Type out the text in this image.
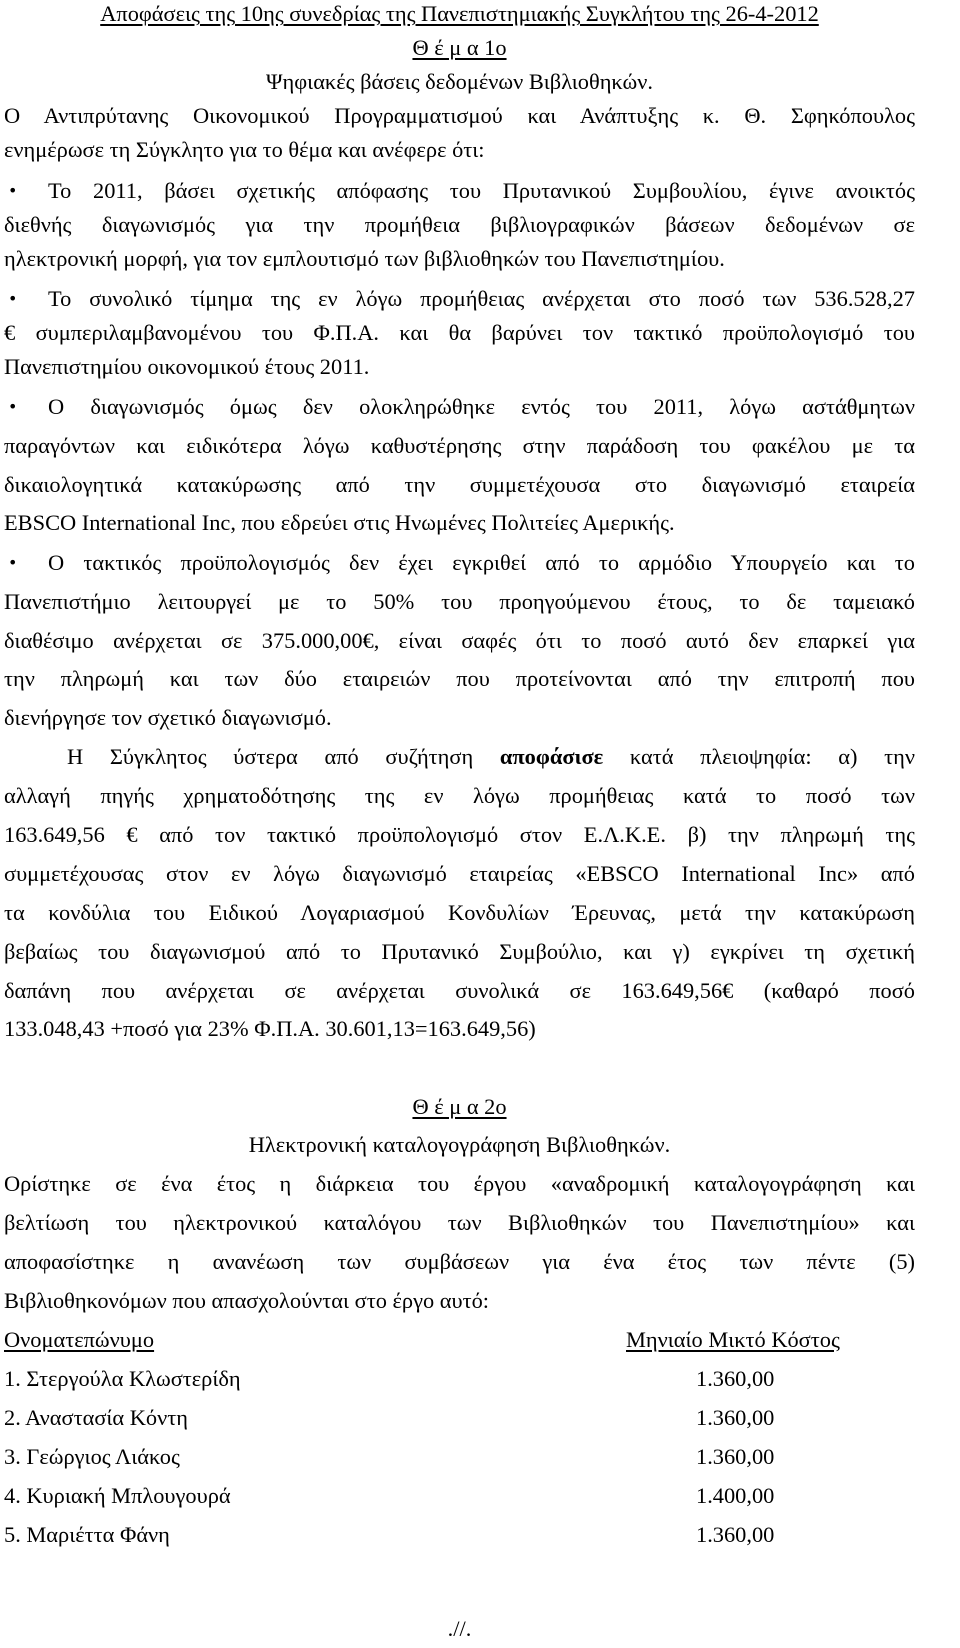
Αποφάσεις της 10ης συνεδρίας της Πανεπιστημιακής Συγκλήτου της 26-4-2012
Θ έ μ α 1ο
Ψηφιακές βάσεις δεδομένων Βιβλιοθηκών.
Ο Αντιπρύτανης Οικονομικού Προγραμματισμού και Ανάπτυξης κ. Θ. Σφηκόπουλος
ενημέρωσε τη Σύγκλητο για το θέμα και ανέφερε ότι:
• Το 2011, βάσει σχετικής απόφασης του Πρυτανικού Συμβουλίου, έγινε ανοικτός
διεθνής διαγωνισμός για την προμήθεια βιβλιογραφικών βάσεων δεδομένων σε
ηλεκτρονική μορφή, για τον εμπλουτισμό των βιβλιοθηκών του Πανεπιστημίου.
• Το συνολικό τίμημα της εν λόγω προμήθειας ανέρχεται στο ποσό των 536.528,27
€ συμπεριλαμβανομένου του Φ.Π.Α. και θα βαρύνει τον τακτικό προϋπολογισμό του
Πανεπιστημίου οικονομικού έτους 2011.
• Ο διαγωνισμός όμως δεν ολοκληρώθηκε εντός του 2011, λόγω αστάθμητων
παραγόντων και ειδικότερα λόγω καθυστέρησης στην παράδοση του φακέλου με τα
δικαιολογητικά κατακύρωσης από την συμμετέχουσα στο διαγωνισμό εταιρεία
EBSCO International Inc, που εδρεύει στις Ηνωμένες Πολιτείες Αμερικής.
• Ο τακτικός προϋπολογισμός δεν έχει εγκριθεί από το αρμόδιο Υπουργείο και το
Πανεπιστήμιο λειτουργεί με το 50% του προηγούμενου έτους, το δε ταμειακό
διαθέσιμο ανέρχεται σε 375.000,00€, είναι σαφές ότι το ποσό αυτό δεν επαρκεί για
την πληρωμή και των δύο εταιρειών που προτείνονται από την επιτροπή που
διενήργησε τον σχετικό διαγωνισμό.
Η Σύγκλητος ύστερα από συζήτηση αποφάσισε κατά πλειοψηφία: α) την
αλλαγή πηγής χρηματοδότησης της εν λόγω προμήθειας κατά το ποσό των
163.649,56 € από τον τακτικό προϋπολογισμό στον Ε.Λ.Κ.Ε. β) την πληρωμή της
συμμετέχουσας στον εν λόγω διαγωνισμό εταιρείας «EBSCO International Inc» από
τα κονδύλια του Ειδικού Λογαριασμού Κονδυλίων Έρευνας, μετά την κατακύρωση
βεβαίως του διαγωνισμού από το Πρυτανικό Συμβούλιο, και γ) εγκρίνει τη σχετική
δαπάνη που ανέρχεται σε ανέρχεται συνολικά σε 163.649,56€ (καθαρό ποσό
133.048,43 +ποσό για 23% Φ.Π.Α. 30.601,13=163.649,56)
Θ έ μ α 2ο
Ηλεκτρονική καταλογογράφηση Βιβλιοθηκών.
Ορίστηκε σε ένα έτος η διάρκεια του έργου «αναδρομική καταλογογράφηση και
βελτίωση του ηλεκτρονικού καταλόγου των Βιβλιοθηκών του Πανεπιστημίου» και
αποφασίστηκε η ανανέωση των συμβάσεων για ένα έτος των πέντε (5)
Βιβλιοθηκονόμων που απασχολούνται στο έργο αυτό:
Ονοματεπώνυμο	Μηνιαίο Μικτό Κόστος
1. Στεργούλα Κλωστερίδη	1.360,00
2. Αναστασία Κόντη	1.360,00
3. Γεώργιος Λιάκος	1.360,00
4. Κυριακή Μπλουγουρά	1.400,00
5. Μαριέττα Φάνη	1.360,00
.//.
